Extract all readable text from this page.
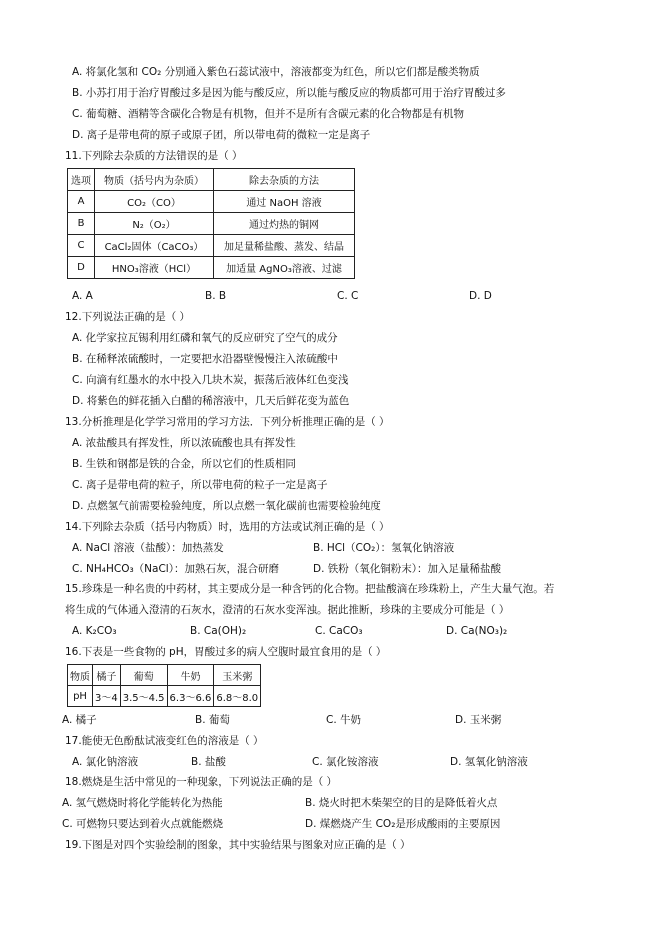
A. 将氯化氢和 CO₂ 分别通入紫色石蕊试液中，溶液都变为红色，所以它们都是酸类物质
B. 小苏打用于治疗胃酸过多是因为能与酸反应，所以能与酸反应的物质都可用于治疗胃酸过多
C. 葡萄糖、酒精等含碳化合物是有机物，但并不是所有含碳元素的化合物都是有机物
D. 离子是带电荷的原子或原子团，所以带电荷的微粒一定是离子
11.下列除去杂质的方法错误的是（ ）
选项	物质（括号内为杂质）	除去杂质的方法
A	CO₂（CO）	通过 NaOH 溶液
B	N₂（O₂）	通过灼热的铜网
C	CaCl₂固体（CaCO₃）	加足量稀盐酸、蒸发、结晶
D	HNO₃溶液（HCl）	加适量 AgNO₃溶液、过滤
A. A	B. B	C. C	D. D
12.下列说法正确的是（ ）
A. 化学家拉瓦锡利用红磷和氧气的反应研究了空气的成分
B. 在稀释浓硫酸时，一定要把水沿器壁慢慢注入浓硫酸中
C. 向滴有红墨水的水中投入几块木炭，振荡后液体红色变浅
D. 将紫色的鲜花插入白醋的稀溶液中，几天后鲜花变为蓝色
13.分析推理是化学学习常用的学习方法．下列分析推理正确的是（ ）
A. 浓盐酸具有挥发性，所以浓硫酸也具有挥发性
B. 生铁和钢都是铁的合金，所以它们的性质相同
C. 离子是带电荷的粒子，所以带电荷的粒子一定是离子
D. 点燃氢气前需要检验纯度，所以点燃一氧化碳前也需要检验纯度
14.下列除去杂质（括号内物质）时，选用的方法或试剂正确的是（ ）
A. NaCl 溶液（盐酸）：加热蒸发	B. HCl（CO₂）：氢氧化钠溶液
C. NH₄HCO₃（NaCl）：加熟石灰，混合研磨	D. 铁粉（氧化铜粉末）：加入足量稀盐酸
15.珍珠是一种名贵的中药材，其主要成分是一种含钙的化合物。把盐酸滴在珍珠粉上，产生大量气泡。若
将生成的气体通入澄清的石灰水，澄清的石灰水变浑浊。据此推断，珍珠的主要成分可能是（ ）
A. K₂CO₃	B. Ca(OH)₂	C. CaCO₃	D. Ca(NO₃)₂
16.下表是一些食物的 pH，胃酸过多的病人空腹时最宜食用的是（ ）
物质	橘子	葡萄	牛奶	玉米粥
pH	3～4	3.5～4.5	6.3～6.6	6.8～8.0
A. 橘子	B. 葡萄	C. 牛奶	D. 玉米粥
17.能使无色酚酞试液变红色的溶液是（ ）
A. 氯化钠溶液	B. 盐酸	C. 氯化铵溶液	D. 氢氧化钠溶液
18.燃烧是生活中常见的一种现象，下列说法正确的是（ ）
A. 氢气燃烧时将化学能转化为热能	B. 烧火时把木柴架空的目的是降低着火点
C. 可燃物只要达到着火点就能燃烧	D. 煤燃烧产生 CO₂是形成酸雨的主要原因
19.下图是对四个实验绘制的图象，其中实验结果与图象对应正确的是（ ）
